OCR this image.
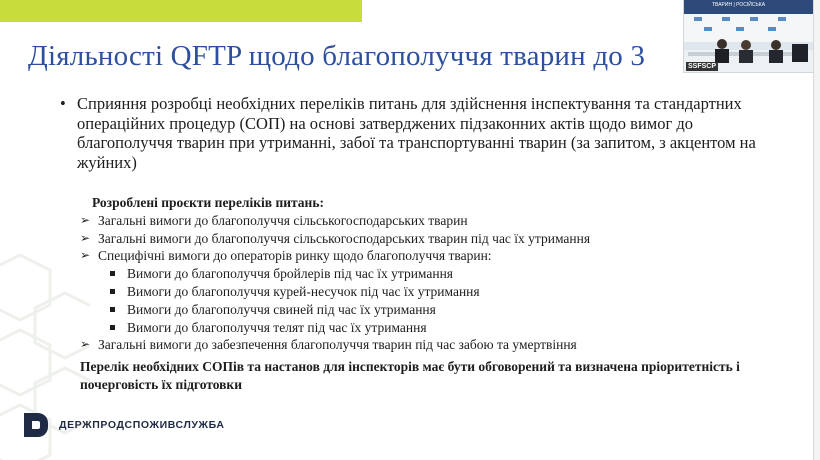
Діяльності QFTP щодо благополуччя тварин до 3
• Сприяння розробці необхідних переліків питань для здійснення інспектування та стандартних операційних процедур (СОП) на основі затверджених підзаконних актів щодо вимог до благополуччя тварин при утриманні, забої та транспортуванні тварин (за запитом, з акцентом на жуйних)
Розроблені проєкти переліків питань:
➢ Загальні вимоги до благополуччя сільськогосподарських тварин
➢ Загальні вимоги до благополуччя сільськогосподарських тварин під час їх утримання
➢ Специфічні вимоги до операторів ринку щодо благополуччя тварин:
Вимоги до благополуччя бройлерів під час їх утримання
Вимоги до благополуччя курей-несучок під час їх утримання
Вимоги до благополуччя свиней під час їх утримання
Вимоги до благополуччя телят під час їх утримання
➢ Загальні вимоги до забезпечення благополуччя тварин під час забою та умертвіння
Перелік необхідних СОПів та настанов для інспекторів має бути обговорений та визначена пріоритетність і почерговість їх підготовки
ДЕРЖПРОДСПОЖИВСЛУЖБА
ТВАРИН | РОСІЙСЬКА
SSFSCP
